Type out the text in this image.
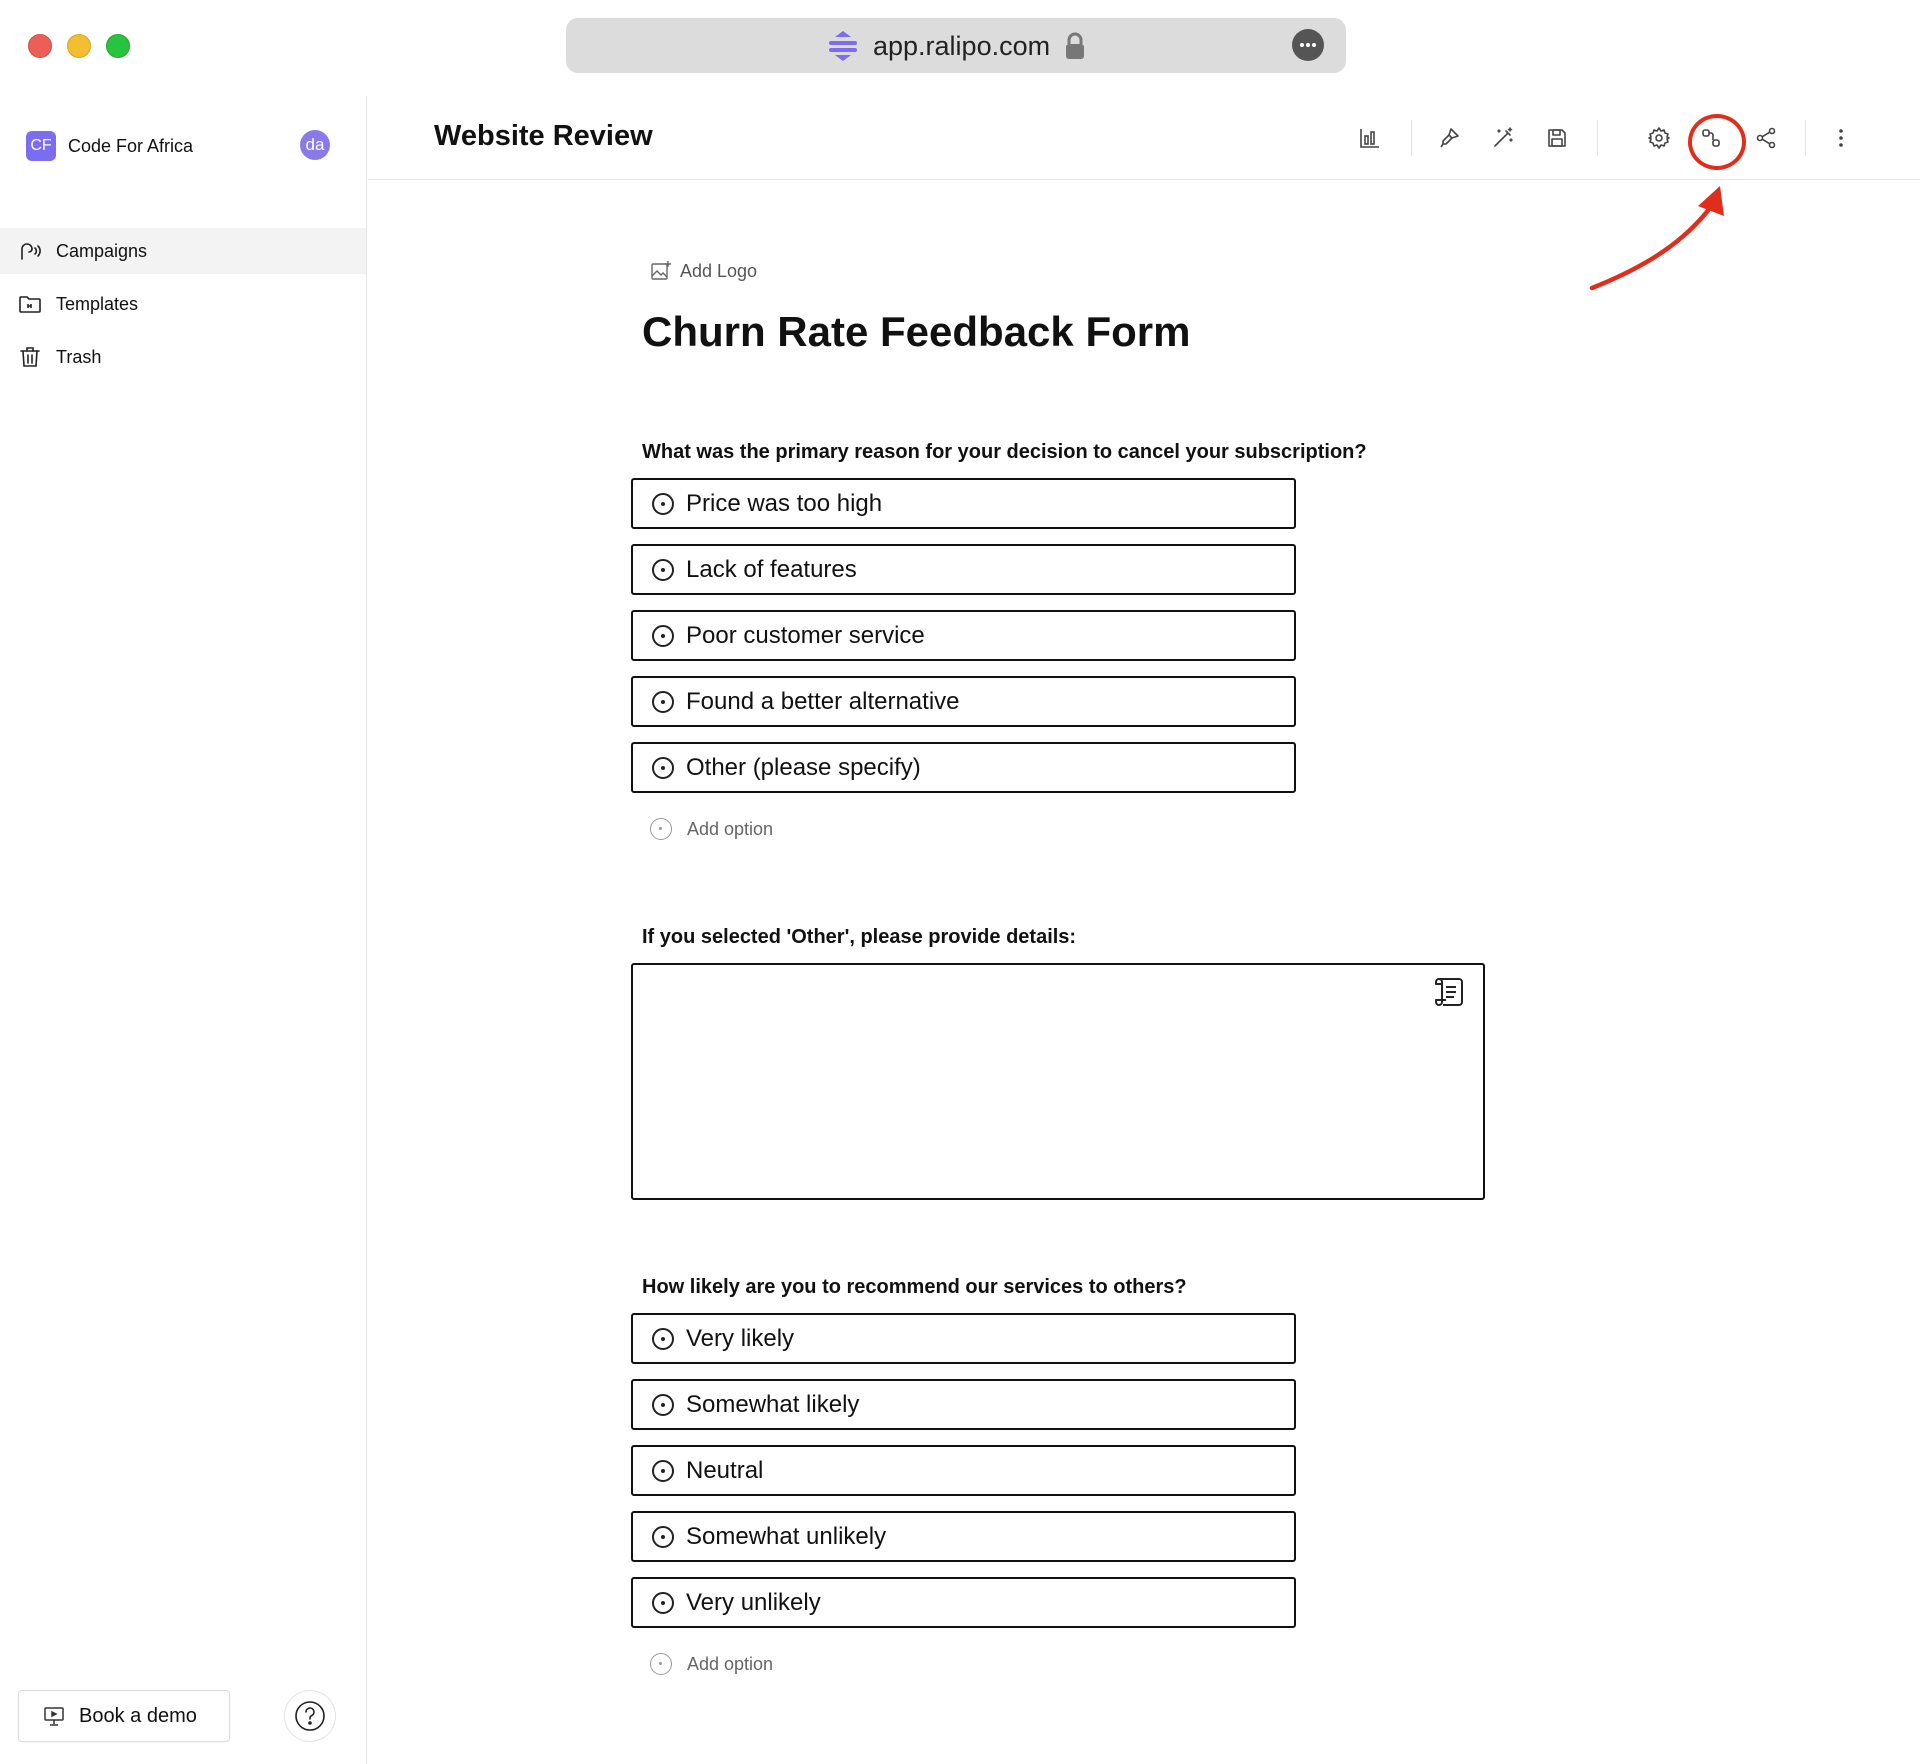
app.ralipo.com
CF Code For Africa	da
Campaigns
Templates
Trash
Book a demo
Website Review
Add Logo
Churn Rate Feedback Form
What was the primary reason for your decision to cancel your subscription?
Price was too high
Lack of features
Poor customer service
Found a better alternative
Other (please specify)
Add option
If you selected 'Other', please provide details:
How likely are you to recommend our services to others?
Very likely
Somewhat likely
Neutral
Somewhat unlikely
Very unlikely
Add option
